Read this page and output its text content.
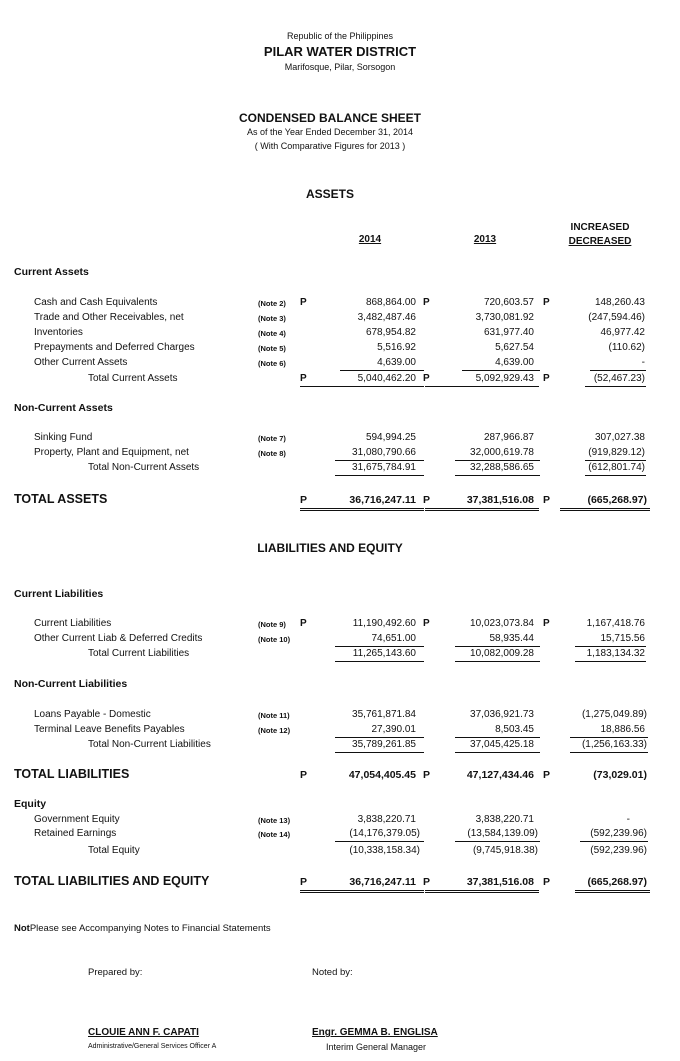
Republic of the Philippines
PILAR WATER DISTRICT
Marifosque, Pilar, Sorsogon
CONDENSED BALANCE SHEET
As of the Year Ended December 31, 2014
( With Comparative Figures for 2013 )
ASSETS
2014	2013
INCREASED
DECREASED
Current Assets
Cash and Cash Equivalents	(Note 2) P	868,864.00 P	720,603.57 P	148,260.43
Trade and Other Receivables, net	(Note 3)	3,482,487.46	3,730,081.92	(247,594.46)
Inventories	(Note 4)	678,954.82	631,977.40	46,977.42
Prepayments and Deferred Charges	(Note 5)	5,516.92	5,627.54	(110.62)
Other Current Assets	(Note 6)	4,639.00	4,639.00	-
Total Current Assets	P	5,040,462.20 P	5,092,929.43 P	(52,467.23)
Non-Current Assets
Sinking Fund	(Note 7)	594,994.25	287,966.87	307,027.38
Property, Plant and Equipment, net	(Note 8)	31,080,790.66	32,000,619.78	(919,829.12)
Total Non-Current Assets	31,675,784.91	32,288,586.65	(612,801.74)
TOTAL ASSETS	P	36,716,247.11 P	37,381,516.08 P	(665,268.97)
LIABILITIES AND EQUITY
Current Liabilities
Current Liabilities	(Note 9) P	11,190,492.60 P	10,023,073.84 P	1,167,418.76
Other Current Liab & Deferred Credits	(Note 10)	74,651.00	58,935.44	15,715.56
Total Current Liabilities	11,265,143.60	10,082,009.28	1,183,134.32
Non-Current Liabilities
Loans Payable - Domestic	(Note 11)	35,761,871.84	37,036,921.73	(1,275,049.89)
Terminal Leave Benefits Payables	(Note 12)	27,390.01	8,503.45	18,886.56
Total Non-Current Liabilities	35,789,261.85	37,045,425.18	(1,256,163.33)
TOTAL LIABILITIES	P	47,054,405.45 P	47,127,434.46 P	(73,029.01)
Equity
Government Equity	(Note 13)	3,838,220.71	3,838,220.71	-
Retained Earnings	(Note 14)	(14,176,379.05)	(13,584,139.09)	(592,239.96)
Total Equity	(10,338,158.34)	(9,745,918.38)	(592,239.96)
TOTAL LIABILITIES AND EQUITY	P	36,716,247.11 P	37,381,516.08 P	(665,268.97)
NotPlease see Accompanying Notes to Financial Statements
Prepared by:	Noted by:
CLOUIE ANN F. CAPATI
Administrative/General Services Officer A
Engr. GEMMA B. ENGLISA
Interim General Manager
